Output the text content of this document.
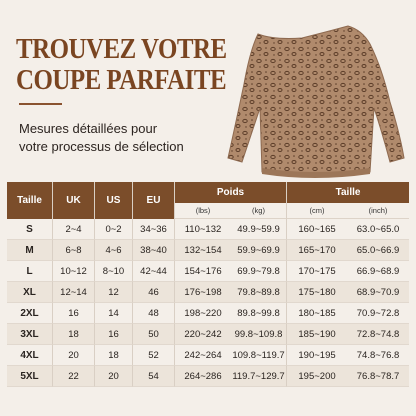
TROUVEZ VOTRE
COUPE PARFAITE
Mesures détaillées pour
votre processus de sélection
Taille	UK	US	EU	Poids		Taille	
				(lbs)	(kg)	(cm)	(inch)
S	2~4	0~2	34~36	110~132	49.9~59.9	160~165	63.0~65.0
M	6~8	4~6	38~40	132~154	59.9~69.9	165~170	65.0~66.9
L	10~12	8~10	42~44	154~176	69.9~79.8	170~175	66.9~68.9
XL	12~14	12	46	176~198	79.8~89.8	175~180	68.9~70.9
2XL	16	14	48	198~220	89.8~99.8	180~185	70.9~72.8
3XL	18	16	50	220~242	99.8~109.8	185~190	72.8~74.8
4XL	20	18	52	242~264	109.8~119.7	190~195	74.8~76.8
5XL	22	20	54	264~286	119.7~129.7	195~200	76.8~78.7
